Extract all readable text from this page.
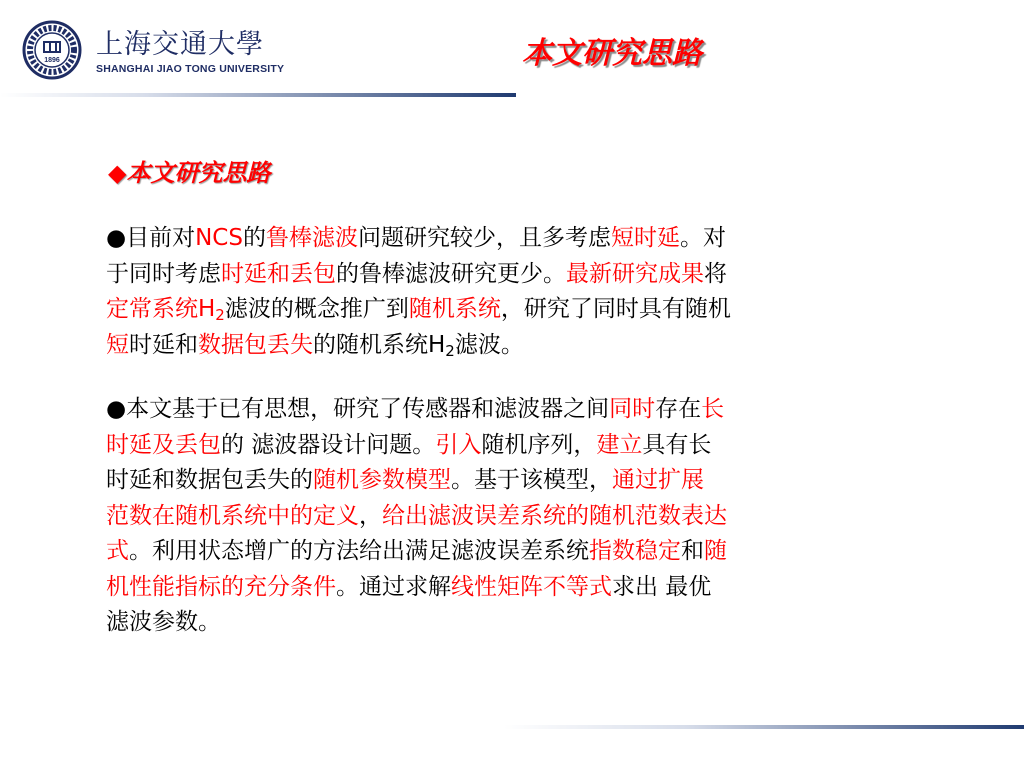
1896
上海交通大學
SHANGHAI JIAO TONG UNIVERSITY	本文研究思路
◆本文研究思路
●目前对NCS的鲁棒滤波问题研究较少，且多考虑短时延。对
于同时考虑时延和丢包的鲁棒滤波研究更少。最新研究成果将
定常系统$H_2$滤波的概念推广到随机系统，研究了同时具有随机
短时延和数据包丢失的随机系统$H_2$滤波。
●本文基于已有思想，研究了传感器和滤波器之间同时存在长
时延及丢包的 滤波器设计问题。引入随机序列，建立具有长
时延和数据包丢失的随机参数模型。基于该模型，通过扩展
范数在随机系统中的定义，给出滤波误差系统的随机范数表达
式。利用状态增广的方法给出满足滤波误差系统指数稳定和随
机性能指标的充分条件。通过求解线性矩阵不等式求出 最优
滤波参数。
